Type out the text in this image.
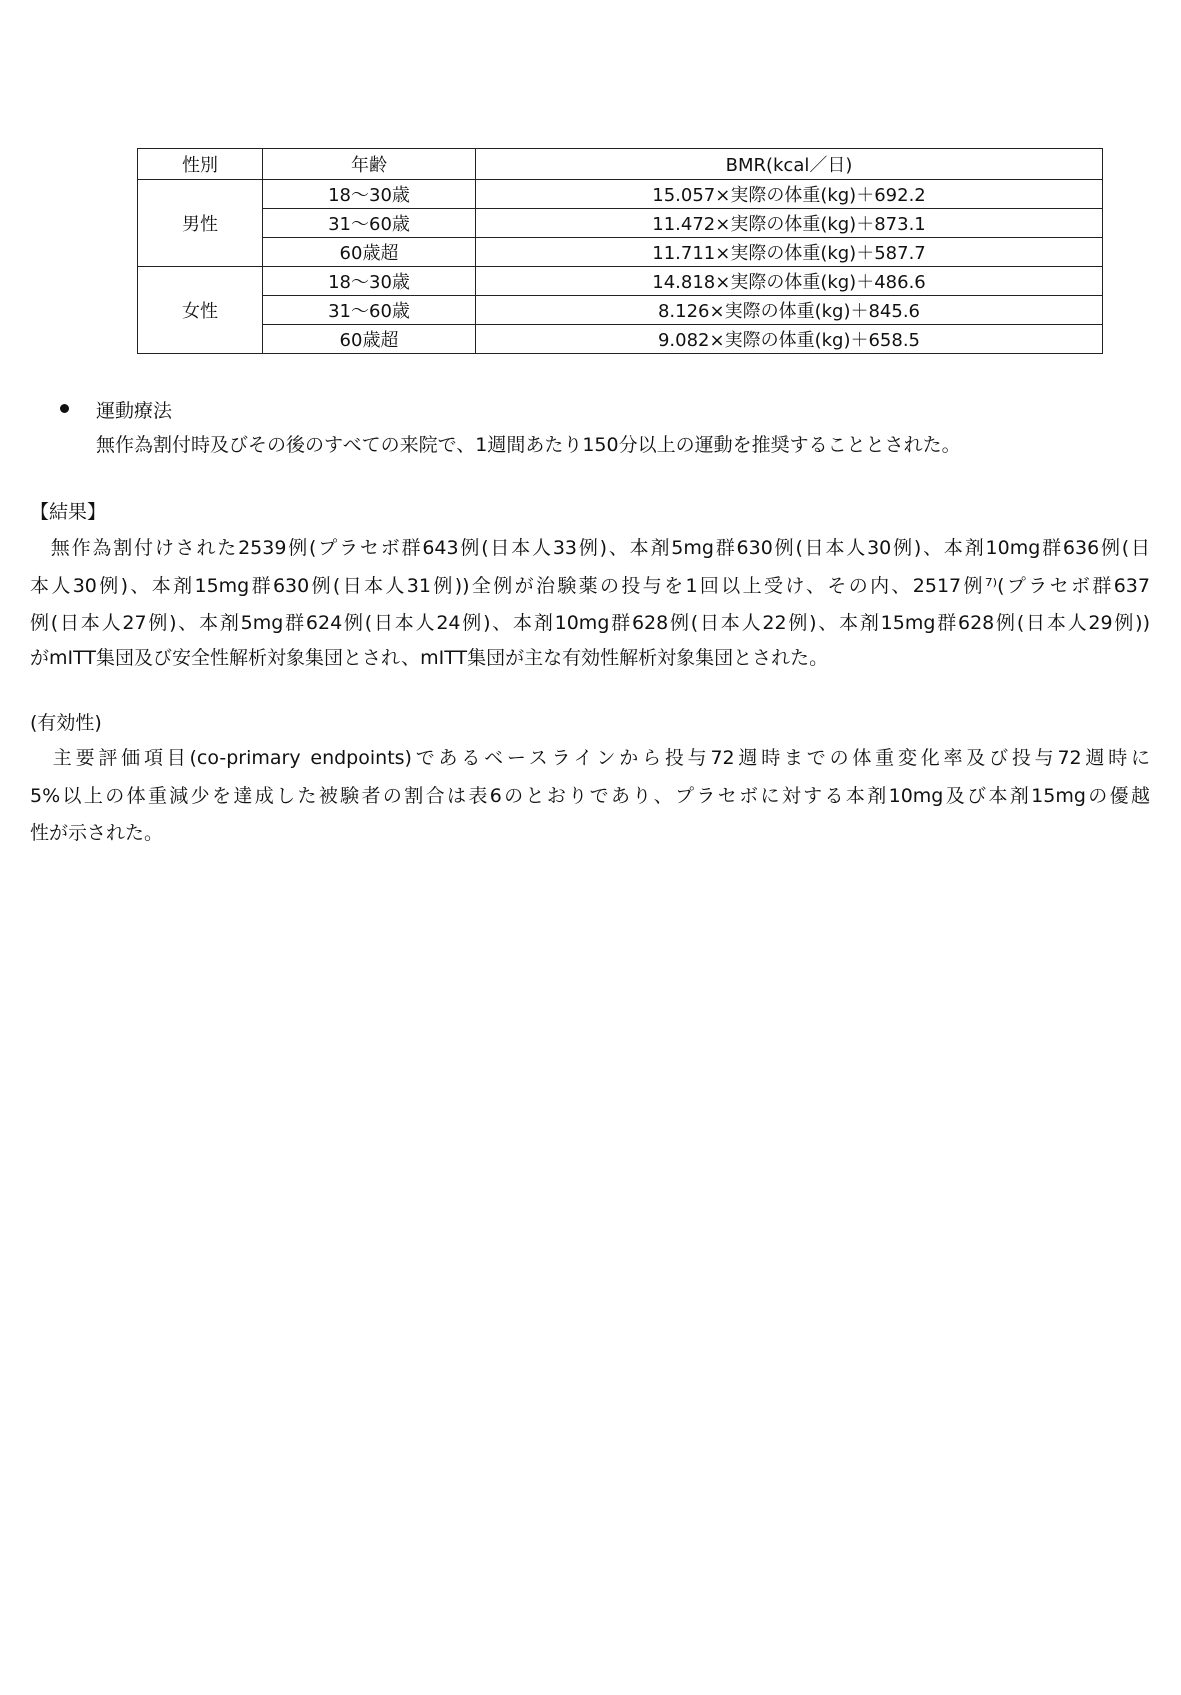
性別	年齢	BMR(kcal／日)
男性	18～30歳	15.057×実際の体重(kg)＋692.2
	31～60歳	11.472×実際の体重(kg)＋873.1
	60歳超	11.711×実際の体重(kg)＋587.7
女性	18～30歳	14.818×実際の体重(kg)＋486.6
	31～60歳	8.126×実際の体重(kg)＋845.6
	60歳超	9.082×実際の体重(kg)＋658.5
運動療法
無作為割付時及びその後のすべての来院で、1週間あたり150分以上の運動を推奨することとされた。
【結果】
　無作為割付けされた2539例(プラセボ群643例(日本人33例)、本剤5mg群630例(日本人30例)、本剤10mg群636例(日
本人30例)、本剤15mg群630例(日本人31例))全例が治験薬の投与を1回以上受け、その内、2517例⁷⁾(プラセボ群637
例(日本人27例)、本剤5mg群624例(日本人24例)、本剤10mg群628例(日本人22例)、本剤15mg群628例(日本人29例))
がmITT集団及び安全性解析対象集団とされ、mITT集団が主な有効性解析対象集団とされた。
(有効性)
　主要評価項目(co-primary endpoints)であるベースラインから投与72週時までの体重変化率及び投与72週時に
5%以上の体重減少を達成した被験者の割合は表6のとおりであり、プラセボに対する本剤10mg及び本剤15mgの優越
性が示された。
